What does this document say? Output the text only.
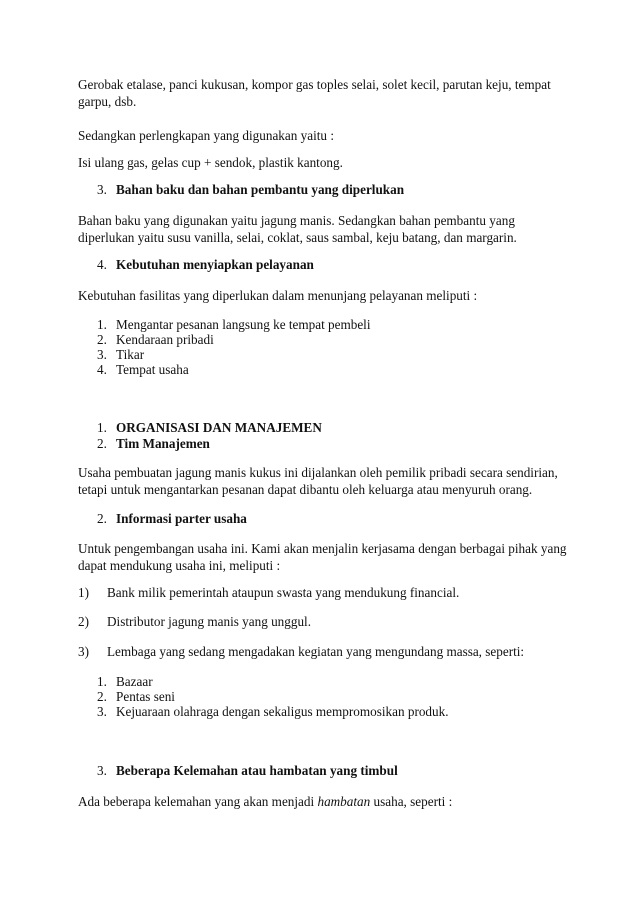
Gerobak etalase, panci kukusan, kompor gas toples selai, solet kecil, parutan keju, tempat
garpu, dsb.
Sedangkan perlengkapan yang digunakan yaitu :
Isi ulang gas, gelas cup + sendok, plastik kantong.
3. Bahan baku dan bahan pembantu yang diperlukan
Bahan baku yang digunakan yaitu jagung manis. Sedangkan bahan pembantu yang
diperlukan yaitu susu vanilla, selai, coklat, saus sambal, keju batang, dan margarin.
4. Kebutuhan menyiapkan pelayanan
Kebutuhan fasilitas yang diperlukan dalam menunjang pelayanan meliputi :
1. Mengantar pesanan langsung ke tempat pembeli
2. Kendaraan pribadi
3. Tikar
4. Tempat usaha
1. ORGANISASI DAN MANAJEMEN
2. Tim Manajemen
Usaha pembuatan jagung manis kukus ini dijalankan oleh pemilik pribadi secara sendirian,
tetapi untuk mengantarkan pesanan dapat dibantu oleh keluarga atau menyuruh orang.
2. Informasi parter usaha
Untuk pengembangan usaha ini. Kami akan menjalin kerjasama dengan berbagai pihak yang
dapat mendukung usaha ini, meliputi :
1) Bank milik pemerintah ataupun swasta yang mendukung financial.
2) Distributor jagung manis yang unggul.
3) Lembaga yang sedang mengadakan kegiatan yang mengundang massa, seperti:
1. Bazaar
2. Pentas seni
3. Kejuaraan olahraga dengan sekaligus mempromosikan produk.
3. Beberapa Kelemahan atau hambatan yang timbul
Ada beberapa kelemahan yang akan menjadi hambatan usaha, seperti :
